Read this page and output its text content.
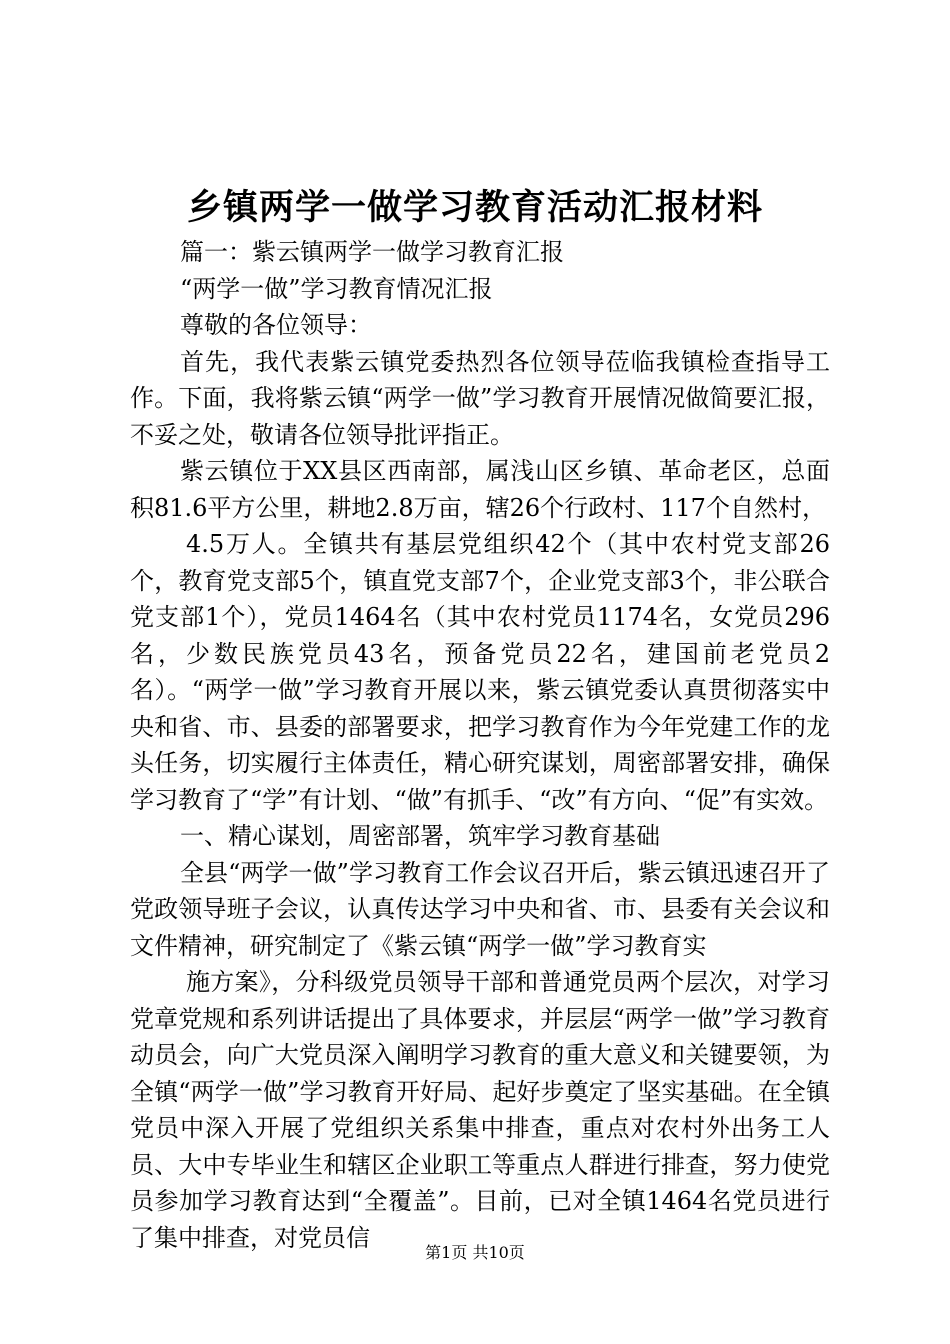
乡镇两学一做学习教育活动汇报材料

篇一：紫云镇两学一做学习教育汇报

“两学一做”学习教育情况汇报

尊敬的各位领导：

首先，我代表紫云镇党委热烈各位领导莅临我镇检查指导工作。下面，我将紫云镇“两学一做”学习教育开展情况做简要汇报，不妥之处，敬请各位领导批评指正。

紫云镇位于XX县区西南部，属浅山区乡镇、革命老区，总面积81.6平方公里，耕地2.8万亩，辖26个行政村、117个自然村，

4.5万人。全镇共有基层党组织42个（其中农村党支部26个，教育党支部5个，镇直党支部7个，企业党支部3个，非公联合党支部1个），党员1464名（其中农村党员1174名，女党员296名，少数民族党员43名，预备党员22名，建国前老党员2名）。“两学一做”学习教育开展以来，紫云镇党委认真贯彻落实中央和省、市、县委的部署要求，把学习教育作为今年党建工作的龙头任务，切实履行主体责任，精心研究谋划，周密部署安排，确保学习教育了“学”有计划、“做”有抓手、“改”有方向、“促”有实效。

一、精心谋划，周密部署，筑牢学习教育基础

全县“两学一做”学习教育工作会议召开后，紫云镇迅速召开了党政领导班子会议，认真传达学习中央和省、市、县委有关会议和文件精神，研究制定了《紫云镇“两学一做”学习教育实

施方案》，分科级党员领导干部和普通党员两个层次，对学习党章党规和系列讲话提出了具体要求，并层层“两学一做”学习教育动员会，向广大党员深入阐明学习教育的重大意义和关键要领，为全镇“两学一做”学习教育开好局、起好步奠定了坚实基础。在全镇党员中深入开展了党组织关系集中排查，重点对农村外出务工人员、大中专毕业生和辖区企业职工等重点人群进行排查，努力使党员参加学习教育达到“全覆盖”。目前，已对全镇1464名党员进行了集中排查，对党员信

第1页 共10页
